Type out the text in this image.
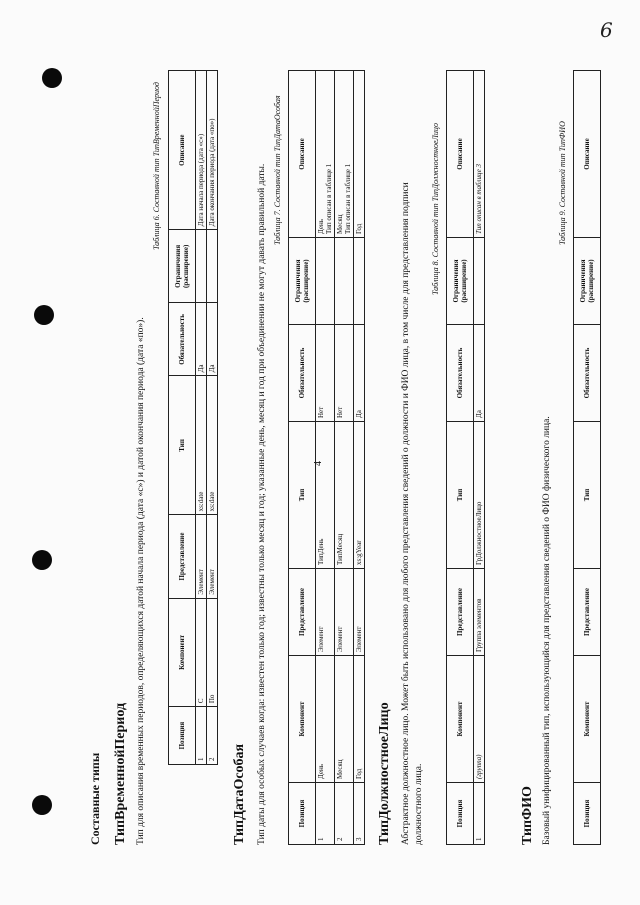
6
4
Составные типы ТипВременнойПериод Тип для описания временных периодов, определяющихся датой начала периода (дата «с») и датой окончания периода (дата «по»).
Таблица 6. Составной тип ТипВременнойПериод
Позиция	Компонент	Представление	Тип	Обязательность	Ограничения (расширение)	Описание
1	С	Элемент	xs:date	Да		Дата начала периода (дата «с»)
2	По	Элемент	xs:date	Да		Дата окончания периода (дата «по»)
ТипДатаОсобая Тип даты для особых случаев когда: известен только год; известны только месяц и год; указанные день, месяц и год при объединении не могут давать правильной даты. Таблица 7. Составной тип ТипДатаОсобая
Позиция	Компонент	Представление	Тип	Обязательность	Ограничения (расширение)	Описание
1	День	Элемент	ТипДень	Нет		День
Тип описан в таблице 1
2	Месяц	Элемент	ТипМесяц	Нет		Месяц
Тип описан в таблице 1
3	Год	Элемент	xs:gYear	Да		Год
ТипДолжностноеЛицо Абстрактное должностное лицо. Может быть использовано для любого представления сведений о должности и ФИО лица, в том числе для представления подписи должностного лица.
Таблица 8. Составной тип ТипДолжностноеЛицо
Позиция	Компонент	Представление	Тип	Обязательность	Ограничения (расширение)	Описание
1	(группа)	Группа элементов	ГрДолжностноеЛицо	Да		Тип описан в таблице 3
ТипФИО Базовый унифицированный тип, использующийся для представления сведений о ФИО физического лица.
Таблица 9. Составной тип ТипФИО
Позиция	Компонент	Представление	Тип	Обязательность	Ограничения (расширение)	Описание
